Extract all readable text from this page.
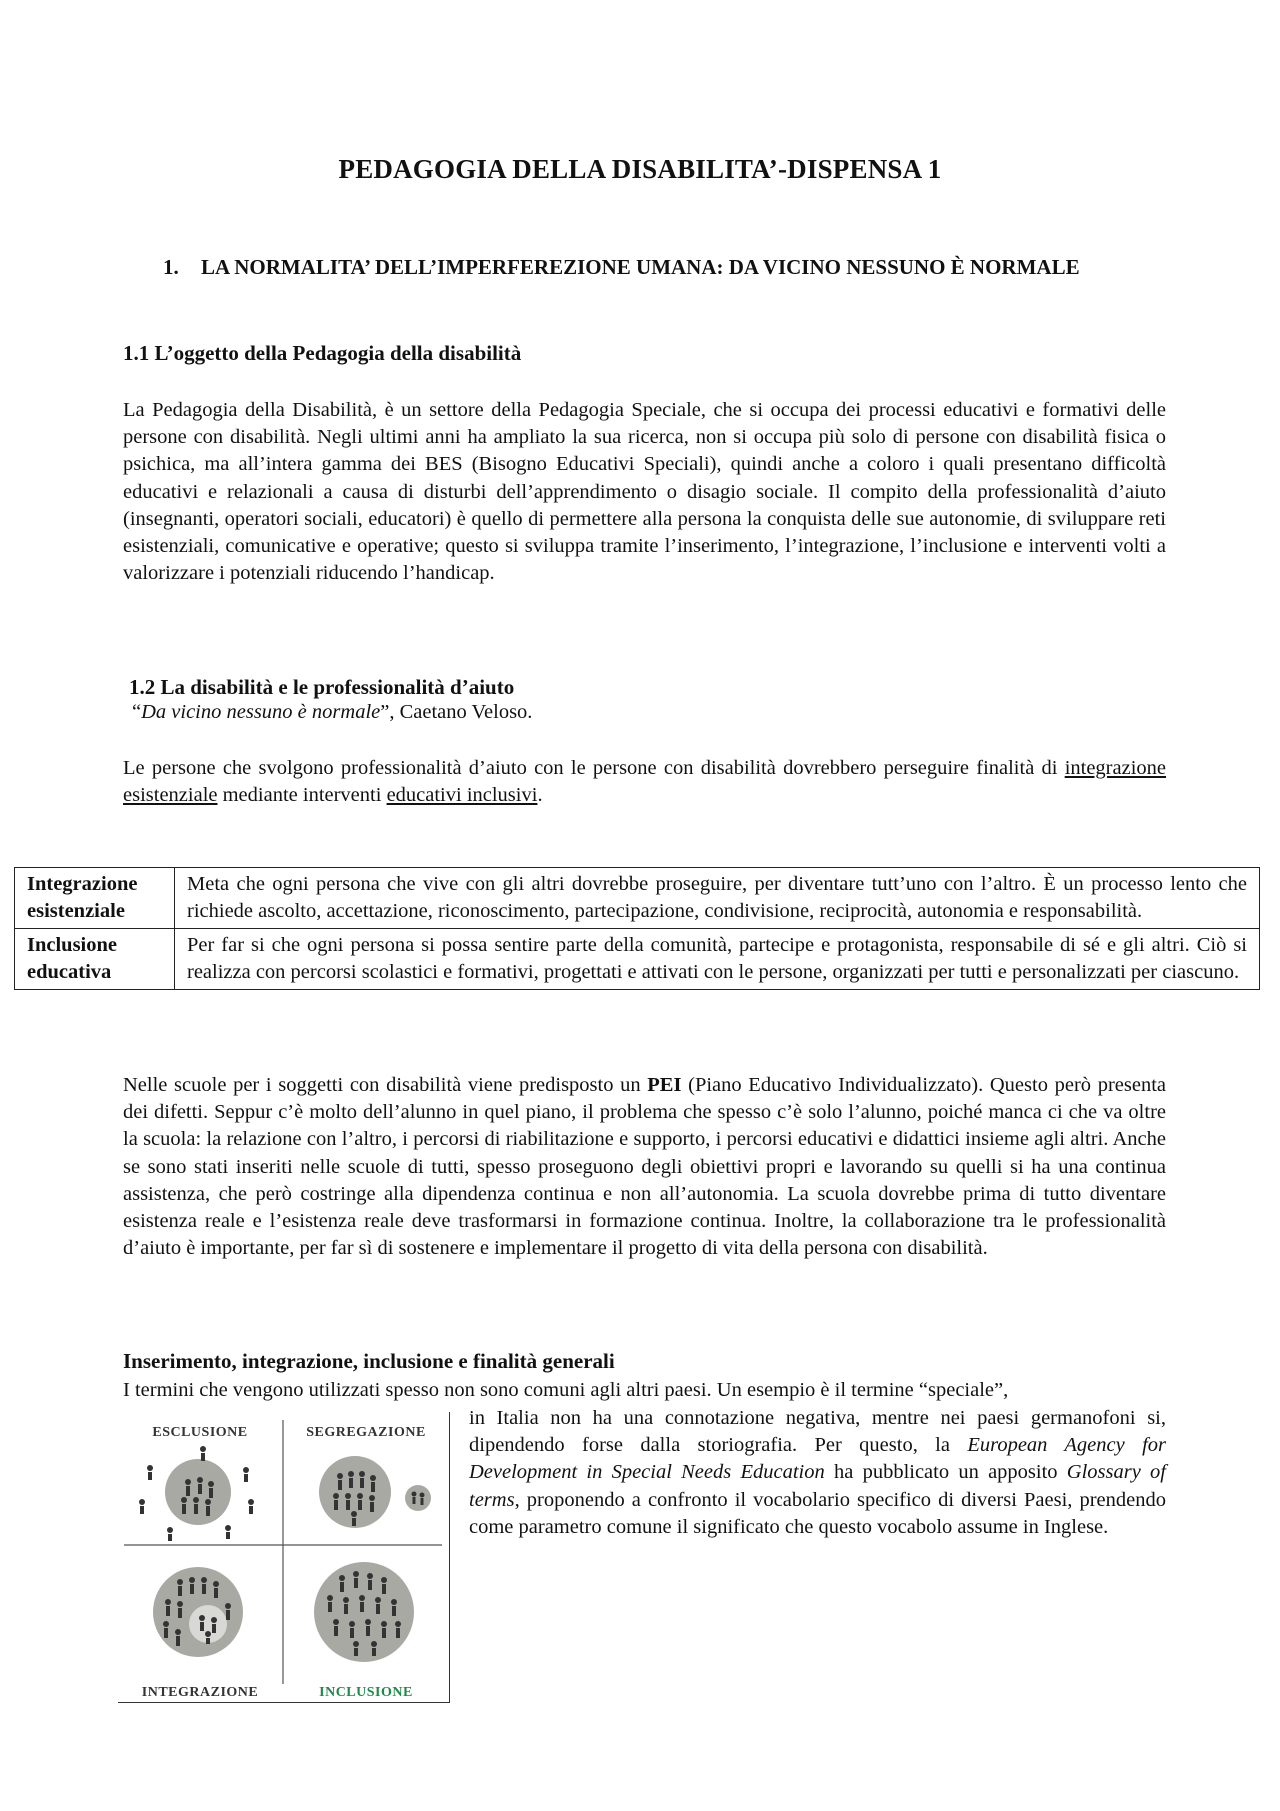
PEDAGOGIA DELLA DISABILITA’-DISPENSA 1
1. LA NORMALITA’ DELL’IMPERFEREZIONE UMANA: DA VICINO NESSUNO È NORMALE
1.1 L’oggetto della Pedagogia della disabilità
La Pedagogia della Disabilità, è un settore della Pedagogia Speciale, che si occupa dei processi educativi e formativi delle persone con disabilità. Negli ultimi anni ha ampliato la sua ricerca, non si occupa più solo di persone con disabilità fisica o psichica, ma all’intera gamma dei BES (Bisogno Educativi Speciali), quindi anche a coloro i quali presentano difficoltà educativi e relazionali a causa di disturbi dell’apprendimento o disagio sociale. Il compito della professionalità d’aiuto (insegnanti, operatori sociali, educatori) è quello di permettere alla persona la conquista delle sue autonomie, di sviluppare reti esistenziali, comunicative e operative; questo si sviluppa tramite l’inserimento, l’integrazione, l’inclusione e interventi volti a valorizzare i potenziali riducendo l’handicap.
1.2 La disabilità e le professionalità d’aiuto
“Da vicino nessuno è normale”, Caetano Veloso.
Le persone che svolgono professionalità d’aiuto con le persone con disabilità dovrebbero perseguire finalità di integrazione esistenziale mediante interventi educativi inclusivi.
Integrazione
esistenziale	Meta che ogni persona che vive con gli altri dovrebbe proseguire, per diventare tutt’uno con l’altro. È un processo lento che richiede ascolto, accettazione, riconoscimento, partecipazione, condivisione, reciprocità, autonomia e responsabilità.
Inclusione
educativa	Per far si che ogni persona si possa sentire parte della comunità, partecipe e protagonista, responsabile di sé e gli altri. Ciò si realizza con percorsi scolastici e formativi, progettati e attivati con le persone, organizzati per tutti e personalizzati per ciascuno.
Nelle scuole per i soggetti con disabilità viene predisposto un PEI (Piano Educativo Individualizzato). Questo però presenta dei difetti. Seppur c’è molto dell’alunno in quel piano, il problema che spesso c’è solo l’alunno, poiché manca ci che va oltre la scuola: la relazione con l’altro, i percorsi di riabilitazione e supporto, i percorsi educativi e didattici insieme agli altri. Anche se sono stati inseriti nelle scuole di tutti, spesso proseguono degli obiettivi propri e lavorando su quelli si ha una continua assistenza, che però costringe alla dipendenza continua e non all’autonomia. La scuola dovrebbe prima di tutto diventare esistenza reale e l’esistenza reale deve trasformarsi in formazione continua. Inoltre, la collaborazione tra le professionalità d’aiuto è importante, per far sì di sostenere e implementare il progetto di vita della persona con disabilità.
Inserimento, integrazione, inclusione e finalità generali
I termini che vengono utilizzati spesso non sono comuni agli altri paesi. Un esempio è il termine “speciale”,
ESCLUSIONE	SEGREGAZIONE
INTEGRAZIONE	INCLUSIONE
in Italia non ha una connotazione negativa, mentre nei paesi germanofoni si, dipendendo forse dalla storiografia. Per questo, la European Agency for Development in Special Needs Education ha pubblicato un apposito Glossary of terms, proponendo a confronto il vocabolario specifico di diversi Paesi, prendendo come parametro comune il significato che questo vocabolo assume in Inglese.
